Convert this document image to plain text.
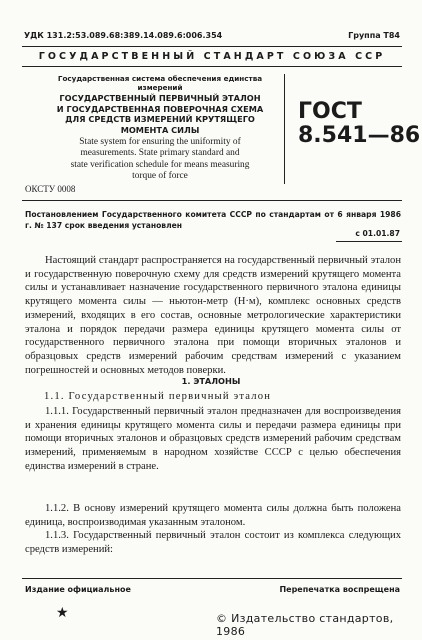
УДК 131.2:53.089.68:389.14.089.6:006.354	Группа Т84
ГОСУДАРСТВЕННЫЙ СТАНДАРТ СОЮЗА ССР
Государственная система обеспечения единства
измерений
ГОСУДАРСТВЕННЫЙ ПЕРВИЧНЫЙ ЭТАЛОН
И ГОСУДАРСТВЕННАЯ ПОВЕРОЧНАЯ СХЕМА
ДЛЯ СРЕДСТВ ИЗМЕРЕНИЙ КРУТЯЩЕГО
МОМЕНТА СИЛЫ
State system for ensuring the uniformity of
measurements. State primary standard and
state verification schedule for means measuring
torque of force
ГОСТ
8.541—86
ОКСТУ 0008
Постановлением Государственного комитета СССР по стандартам от 6 января 1986 г. № 137 срок введения установлен
с 01.01.87
Настоящий стандарт распространяется на государственный первичный эталон и государственную поверочную схему для средств измерений крутящего момента силы и устанавливает назначение государственного первичного эталона единицы крутящего момента силы — ньютон-метр (Н·м), комплекс основных средств измерений, входящих в его состав, основные метрологические характеристики эталона и порядок передачи размера единицы крутящего момента силы от государственного первичного эталона при помощи вторичных эталонов и образцовых средств измерений рабочим средствам измерений с указанием погрешностей и основных методов поверки.
1. ЭТАЛОНЫ
1.1. Государственный первичный эталон
1.1.1. Государственный первичный эталон предназначен для воспроизведения и хранения единицы крутящего момента силы и передачи размера единицы при помощи вторичных эталонов и образцовых средств измерений рабочим средствам измерений, применяемым в народном хозяйстве СССР с целью обеспечения единства измерений в стране.
1.1.2. В основу измерений крутящего момента силы должна быть положена единица, воспроизводимая указанным эталоном.
1.1.3. Государственный первичный эталон состоит из комплекса следующих средств измерений:
Издание официальное	Перепечатка воспрещена
★	© Издательство стандартов, 1986
